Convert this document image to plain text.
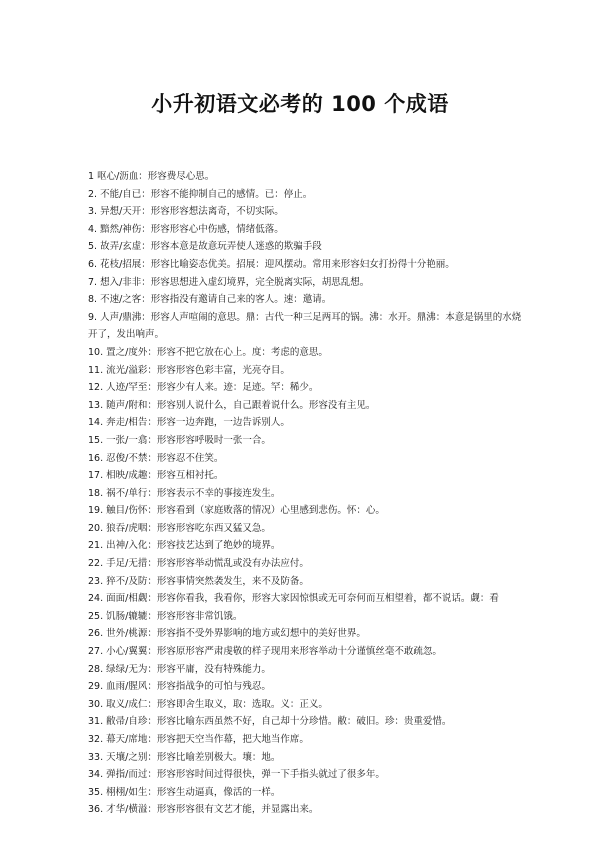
小升初语文必考的 100 个成语
1 呕心/沥血：形容费尽心思。
2. 不能/自已：形容不能抑制自己的感情。已：停止。
3. 异想/天开：形容形容想法离奇，不切实际。
4. 黯然/神伤：形容形容心中伤感，情绪低落。
5. 故弄/玄虚：形容本意是故意玩弄使人迷惑的欺骗手段
6. 花枝/招展：形容比喻姿态优美。招展：迎风摆动。常用来形容妇女打扮得十分艳丽。
7. 想入/非非：形容思想进入虚幻境界，完全脱离实际，胡思乱想。
8. 不速/之客：形容指没有邀请自己来的客人。速：邀请。
9. 人声/鼎沸：形容人声喧闹的意思。鼎：古代一种三足两耳的锅。沸：水开。鼎沸：本意是锅里的水烧开了，发出响声。
10. 置之/度外：形容不把它放在心上。度：考虑的意思。
11. 流光/溢彩：形容形容色彩丰富，光亮夺目。
12. 人迹/罕至：形容少有人来。迹：足迹。罕：稀少。
13. 随声/附和：形容别人说什么，自己跟着说什么。形容没有主见。
14. 奔走/相告：形容一边奔跑，一边告诉别人。
15. 一张/一翕：形容形容呼吸时一张一合。
16. 忍俊/不禁：形容忍不住笑。
17. 相映/成趣：形容互相衬托。
18. 祸不/单行：形容表示不幸的事接连发生。
19. 触目/伤怀：形容看到（家庭败落的情况）心里感到悲伤。怀：心。
20. 狼吞/虎咽：形容形容吃东西又猛又急。
21. 出神/入化：形容技艺达到了绝妙的境界。
22. 手足/无措：形容形容举动慌乱或没有办法应付。
23. 猝不/及防：形容事情突然袭发生，来不及防备。
24. 面面/相觑：形容你看我，我看你，形容大家因惊惧或无可奈何而互相望着，都不说话。觑：看
25. 饥肠/辘辘：形容形容非常饥饿。
26. 世外/桃源：形容指不受外界影响的地方或幻想中的美好世界。
27. 小心/翼翼：形容原形容严肃虔敬的样子现用来形容举动十分谨慎丝毫不敢疏忽。
28. 绿绿/无为：形容平庸，没有特殊能力。
29. 血雨/腥风：形容指战争的可怕与残忍。
30. 取义/成仁：形容即舍生取义，取：选取。义：正义。
31. 敝帚/自珍：形容比喻东西虽然不好，自己却十分珍惜。敝：破旧。珍：贵重爱惜。
32. 幕天/席地：形容把天空当作幕，把大地当作席。
33. 天壤/之别：形容比喻差别极大。壤：地。
34. 弹指/而过：形容形容时间过得很快，弹一下手指头就过了很多年。
35. 栩栩/如生：形容生动逼真，像活的一样。
36. 才华/横溢：形容形容很有文艺才能，并显露出来。
